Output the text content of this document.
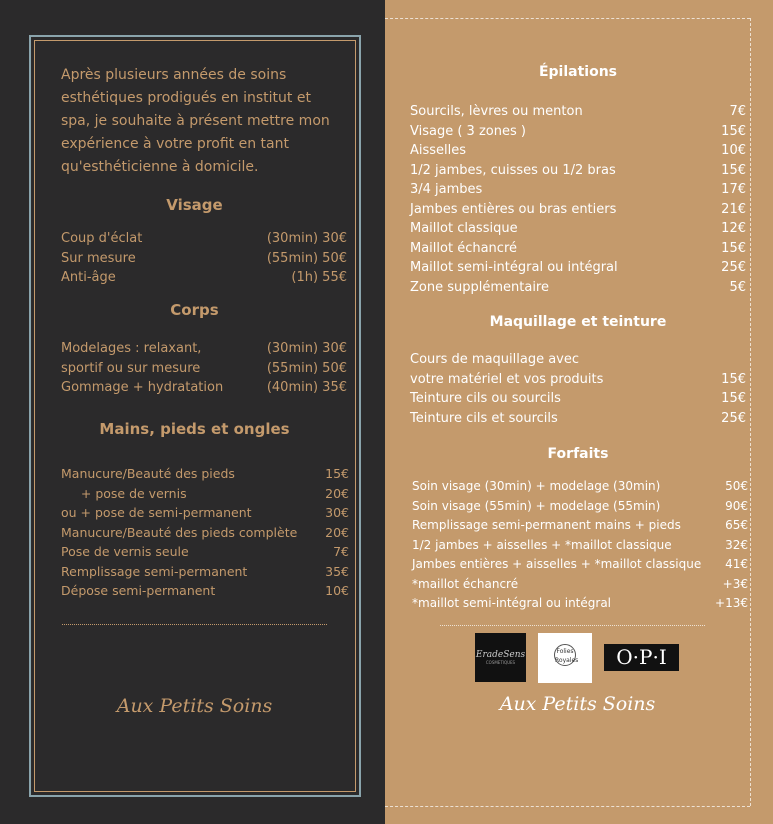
Après plusieurs années de soins esthétiques prodigués en institut et spa, je souhaite à présent mettre mon expérience à votre profit en tant qu'esthéticienne à domicile.
Visage
Coup d'éclat	(30min) 30€
Sur mesure	(55min) 50€
Anti-âge	(1h) 55€
Corps
Modelages : relaxant,	(30min) 30€
sportif ou sur mesure	(55min) 50€
Gommage + hydratation	(40min) 35€
Mains, pieds et ongles
Manucure/Beauté des pieds	15€
+ pose de vernis	20€
ou + pose de semi-permanent	30€
Manucure/Beauté des pieds complète 20€
Pose de vernis seule	7€
Remplissage semi-permanent	35€
Dépose semi-permanent	10€
Aux Petits Soins
Épilations
Sourcils, lèvres ou menton	7€
Visage ( 3 zones )	15€
Aisselles	10€
1/2 jambes, cuisses ou 1/2 bras	15€
3/4 jambes	17€
Jambes entières ou bras entiers	21€
Maillot classique	12€
Maillot échancré	15€
Maillot semi-intégral ou intégral	25€
Zone supplémentaire	5€
Maquillage et teinture
Cours de maquillage avec
votre matériel et vos produits	15€
Teinture cils ou sourcils	15€
Teinture cils et sourcils	25€
Forfaits
Soin visage (30min) + modelage (30min)	50€
Soin visage (55min) + modelage (55min)	90€
Remplissage semi-permanent mains + pieds	65€
1/2 jambes + aisselles + *maillot classique	32€
Jambes entières + aisselles + *maillot classique 41€
*maillot échancré	+3€
*maillot semi-intégral ou intégral	+13€
EradeSens
COSMETIQUES
Folies
Royales	O·P·I
Aux Petits Soins
